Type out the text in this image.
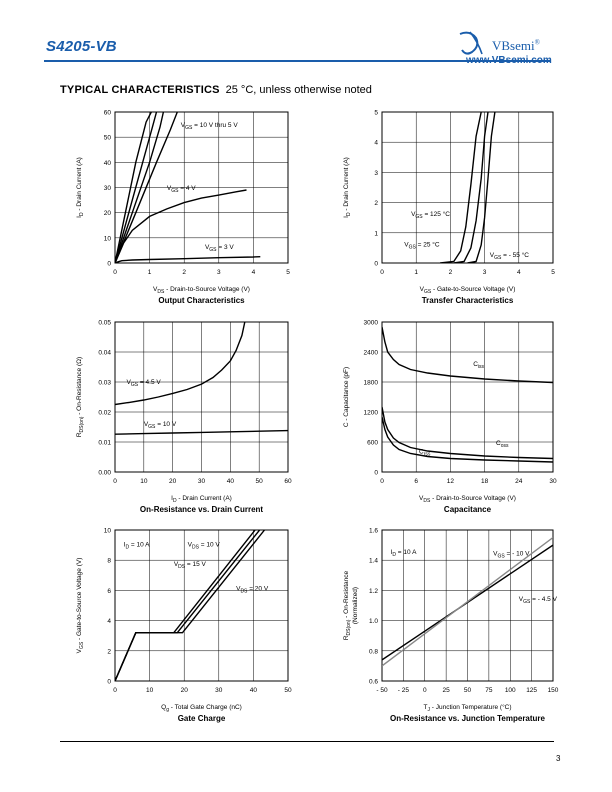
S4205-VB	VBsemi®
www.VBsemi.com
TYPICAL CHARACTERISTICS 25 °C, unless otherwise noted
0	1	2	3	4	5
0
10
20
30
40
50
60
$V_{GS} = 10$ V thru 5 V
$V_{GS} = 4$ V
$V_{GS} = 3$ V
$V_{DS}$ - Drain-to-Source Voltage (V)
Output Characteristics
$I_D$ - Drain Current (A)
0	1	2	3	4	5
0
1
2
3
4
5
$V_{GS} = 125$ °C
$V_{GS} = 25$ °C
$V_{GS}$ = - 55 °C
$V_{GS}$ - Gate-to-Source Voltage (V)
Transfer Characteristics
$I_D$ - Drain Current (A)
0	10	20	30	40	50	60
0.00
0.01
0.02
0.03
0.04
0.05
$V_{GS} = 4.5$ V
$V_{GS} = 10$ V
$I_D$ - Drain Current (A)
On-Resistance vs. Drain Current
$R_{DS(on)}$ - On-Resistance (Ω)
0	6	12	18	24	30
0
600
1200
1800
2400
3000
$C_{iss}$
$C_{oss}$
$C_{rss}$
$V_{DS}$ - Drain-to-Source Voltage (V)
Capacitance
C - Capacitance (pF)
0	10	20	30	40	50
0
2
4
6
8
10
$I_D = 10$ A	$V_{DS} = 10$ V
$V_{DS} = 15$ V
$V_{DS} = 20$ V
$Q_g$ - Total Gate Charge (nC)
Gate Charge
$V_{GS}$ - Gate-to-Source Voltage (V)
- 50 - 25 0 25 50 75 100 125 150
0.6
0.8
1.0
1.2
1.4
1.6
$I_D = 10$ A	$V_{GS}$ = - 10 V
$V_{GS}$ = - 4.5 V
$T_J$ - Junction Temperature (°C)
On-Resistance vs. Junction Temperature
$R_{DS(on)}$ - On-Resistance (Normalized)
3
